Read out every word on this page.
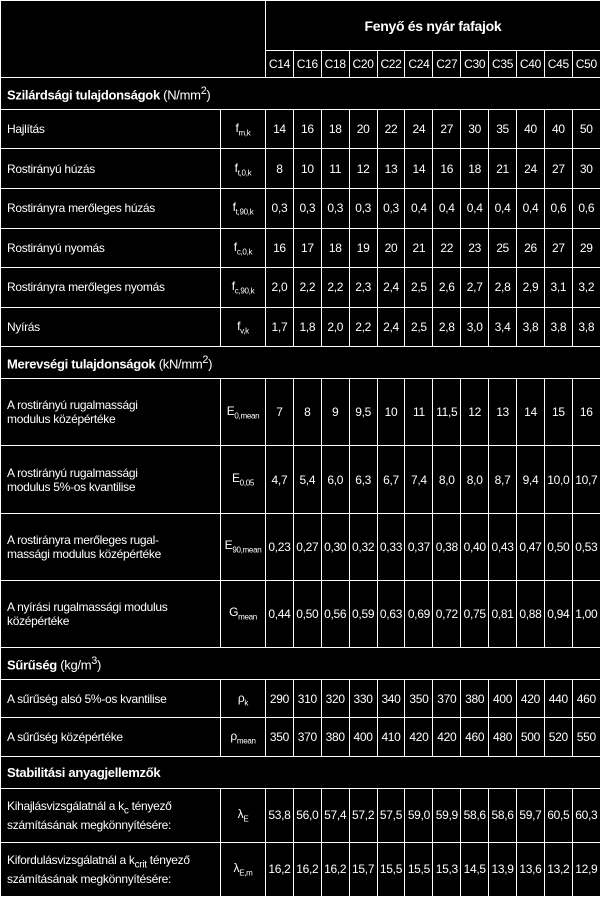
		Fenyő és nyár fafajok											
		C14	C16	C18	C20	C22	C24	C27	C30	C35	C40	C45	C50
Szilárdsági tulajdonságok $(N/mm^2)$													
Hajlítás	$f_{m,k}$	14	16	18	20	22	24	27	30	35	40	40	50
Rostirányú húzás	$f_{t,0,k}$	8	10	11	12	13	14	16	18	21	24	27	30
Rostirányra merőleges húzás	$f_{t,90,k}$	0,3	0,3	0,3	0,3	0,3	0,4	0,4	0,4	0,4	0,4	0,6	0,6
Rostirányú nyomás	$f_{c,0,k}$	16	17	18	19	20	21	22	23	25	26	27	29
Rostirányra merőleges nyomás	$f_{c,90,k}$	2,0	2,2	2,2	2,3	2,4	2,5	2,6	2,7	2,8	2,9	3,1	3,2
Nyírás	$f_{v,k}$	1,7	1,8	2,0	2,2	2,4	2,5	2,8	3,0	3,4	3,8	3,8	3,8
Merevségi tulajdonságok $(kN/mm^2)$													
A rostirányú rugalmassági
modulus középértéke	$E_{0,mean}$	7	8	9	9,5	10	11	11,5	12	13	14	15	16
A rostirányú rugalmassági
modulus 5%-os kvantilise	$E_{0,05}$	4,7	5,4	6,0	6,3	6,7	7,4	8,0	8,0	8,7	9,4	10,0	10,7
A rostirányra merőleges rugal-
massági modulus középértéke	$E_{90,mean}$	0,23	0,27	0,30	0,32	0,33	0,37	0,38	0,40	0,43	0,47	0,50	0,53
A nyírási rugalmassági modulus
középértéke	$G_{mean}$	0,44	0,50	0,56	0,59	0,63	0,69	0,72	0,75	0,81	0,88	0,94	1,00
Sűrűség $(kg/m^3)$													
A sűrűség alsó 5%-os kvantilise	$\rho_k$	290	310	320	330	340	350	370	380	400	420	440	460
A sűrűség középértéke	$\rho_{mean}$	350	370	380	400	410	420	420	460	480	500	520	550
Stabilitási anyagjellemzők													
Kihajlásvizsgálatnál a $k_c$ tényező
számításának megkönnyítésére:	$\lambda_E$	53,8	56,0	57,4	57,2	57,5	59,0	59,9	58,6	58,6	59,7	60,5	60,3
Kifordulásvizsgálatnál a $k_{crit}$ tényező
számításának megkönnyítésére:	$\lambda_{E,m}$	16,2	16,2	16,2	15,7	15,5	15,5	15,3	14,5	13,9	13,6	13,2	12,9
